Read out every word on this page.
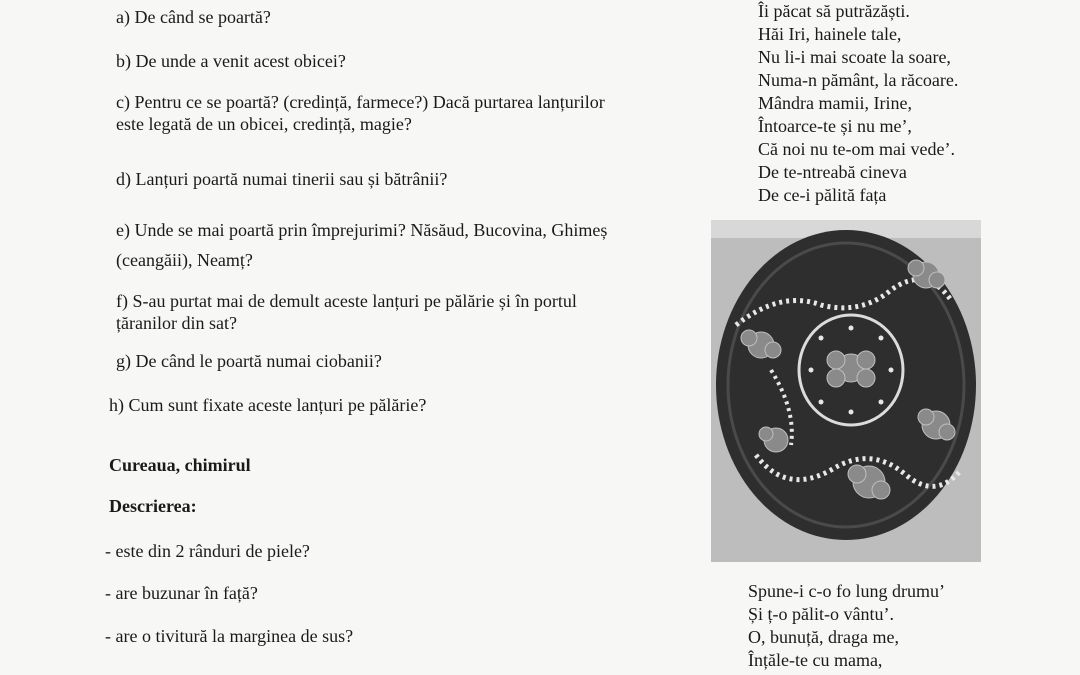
a) De când se poartă?
b) De unde a venit acest obicei?
c) Pentru ce se poartă? (credință, farmece?) Dacă purtarea lanțurilor
este legată de un obicei, credință, magie?
d) Lanțuri poartă numai tinerii sau și bătrânii?
e) Unde se mai poartă prin împrejurimi? Năsăud, Bucovina, Ghimeș
(ceangăii), Neamț?
f) S-au purtat mai de demult aceste lanțuri pe pălărie și în portul
țăranilor din sat?
g) De când le poartă numai ciobanii?
h) Cum sunt fixate aceste lanțuri pe pălărie?
Cureaua, chimirul
Descrierea:
- este din 2 rânduri de piele?
- are buzunar în față?
- are o tivitură la marginea de sus?
Îi păcat să putrăzăști.
Hăi Iri, hainele tale,
Nu li-i mai scoate la soare,
Numa-n pământ, la răcoare.
Mândra mamii, Irine,
Întoarce-te și nu me’,
Că noi nu te-om mai vede’.
De te-ntreabă cineva
De ce-i pălită fața
Spune-i c-o fo lung drumu’
Și ț-o pălit-o vântu’.
O, bunuță, draga me,
Înțăle-te cu mama,
